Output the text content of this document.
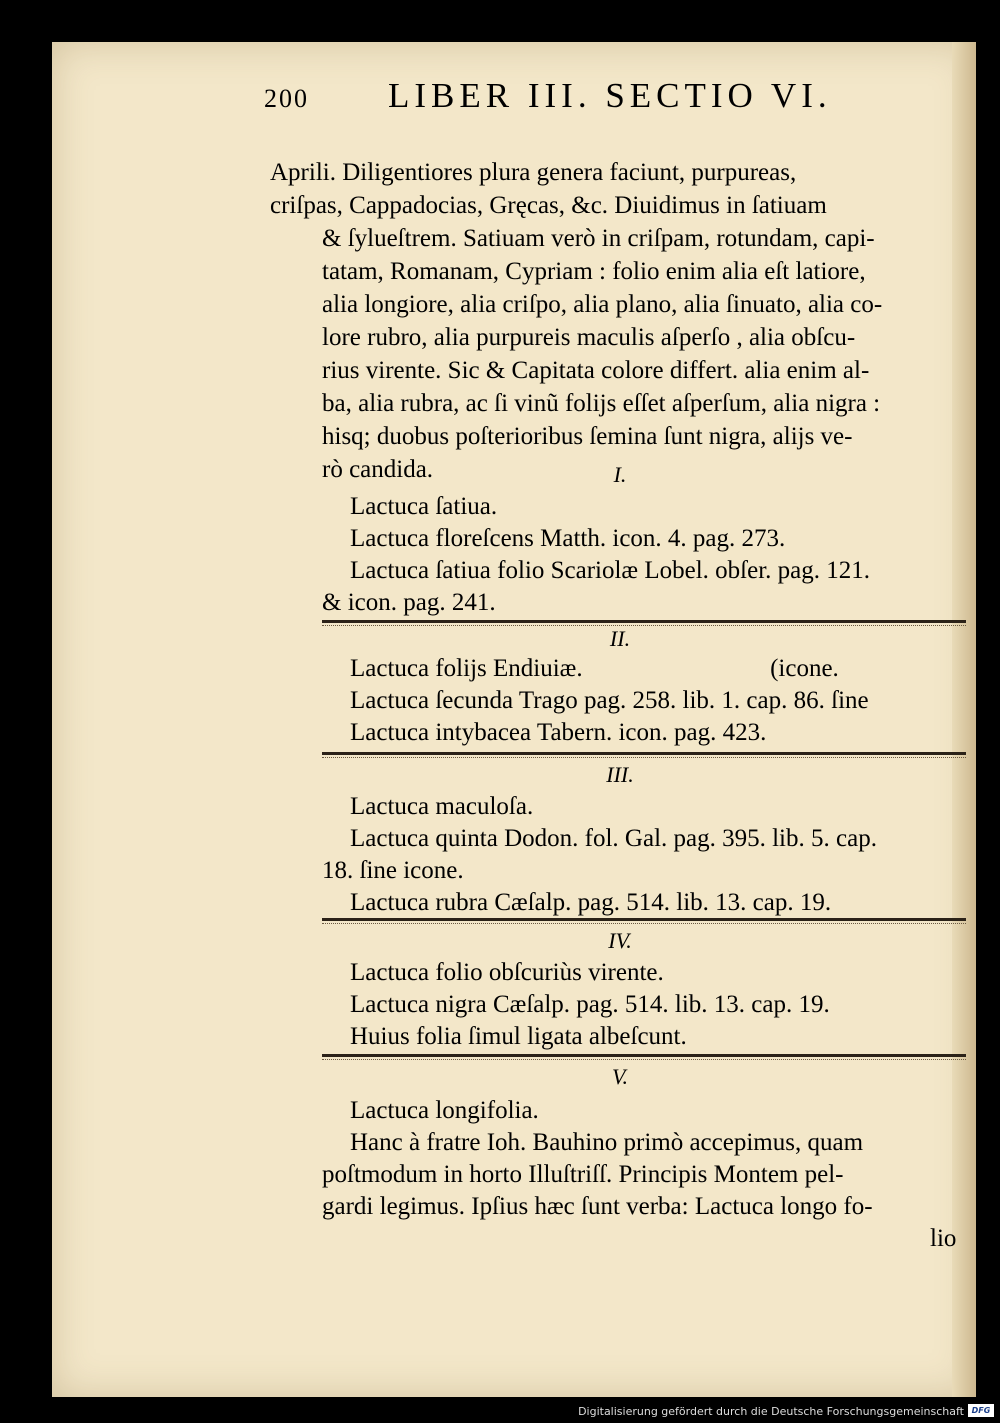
200 LIBER III. SECTIO VI.
Aprili. Diligentiores plura genera faciunt, purpureas,
criſpas, Cappadocias, Gręcas, &c. Diuidimus in ſatiuam
& ſylueſtrem. Satiuam verò in criſpam, rotundam, capi-
tatam, Romanam, Cypriam : folio enim alia eſt latiore,
alia longiore, alia criſpo, alia plano, alia ſinuato, alia co-
lore rubro, alia purpureis maculis aſperſo , alia obſcu-
rius virente. Sic & Capitata colore differt. alia enim al-
ba, alia rubra, ac ſi vinũ folijs eſſet aſperſum, alia nigra :
hisq; duobus poſterioribus ſemina ſunt nigra, alijs ve-
rò candida.	I.
Lactuca ſatiua.
Lactuca floreſcens Matth. icon. 4. pag. 273.
Lactuca ſatiua folio Scariolæ Lobel. obſer. pag. 121.
& icon. pag. 241.
II.
Lactuca folijs Endiuiæ.                              (icone.
Lactuca ſecunda Trago pag. 258. lib. 1. cap. 86. ſine
Lactuca intybacea Tabern. icon. pag. 423.
III.
Lactuca maculoſa.
Lactuca quinta Dodon. fol. Gal. pag. 395. lib. 5. cap.
18. ſine icone.
Lactuca rubra Cæſalp. pag. 514. lib. 13. cap. 19.
IV.
Lactuca folio obſcuriùs virente.
Lactuca nigra Cæſalp. pag. 514. lib. 13. cap. 19.
Huius folia ſimul ligata albeſcunt.
V.
Lactuca longifolia.
Hanc à fratre Ioh. Bauhino primò accepimus, quam
poſtmodum in horto Illuſtriſſ. Principis Montem pel-
gardi legimus. Ipſius hæc ſunt verba: Lactuca longo fo-
lio
Digitalisierung gefördert durch die Deutsche Forschungsgemeinschaft DFG
